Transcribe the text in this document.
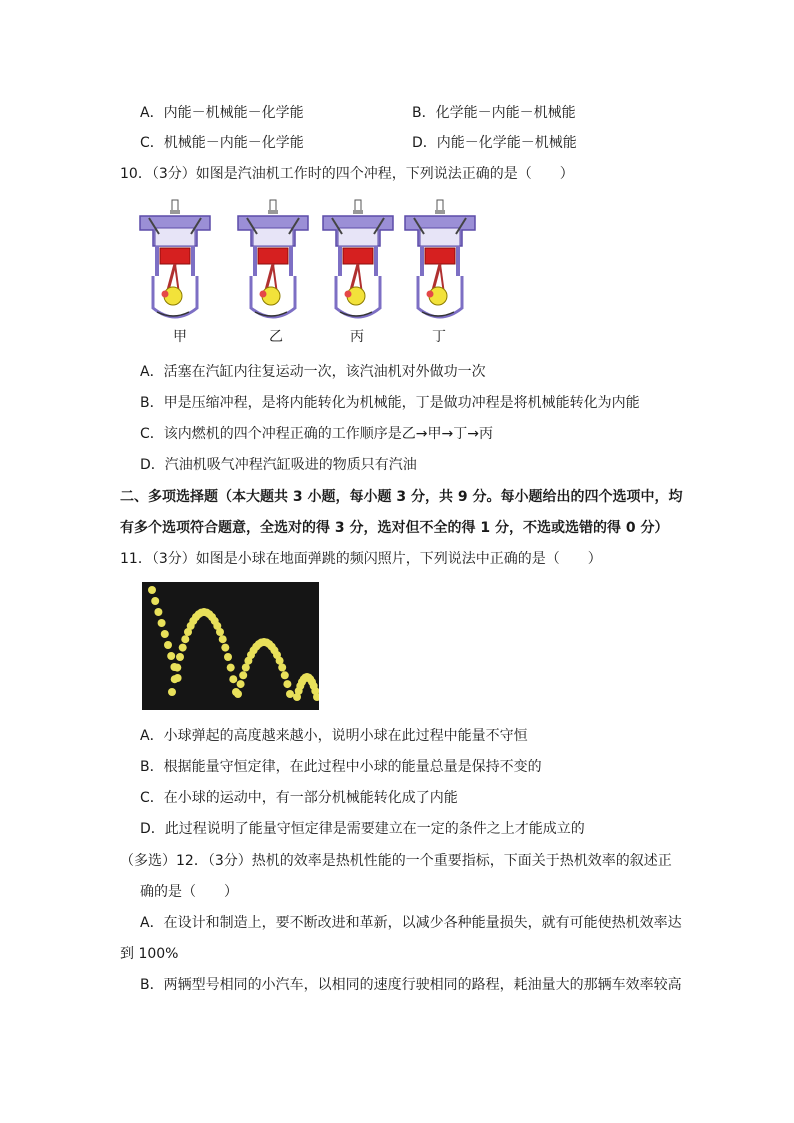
A．内能－机械能－化学能	B．化学能－内能－机械能
C．机械能－内能－化学能	D．内能－化学能－机械能
10．（3分）如图是汽油机工作时的四个冲程，下列说法正确的是（　　）
甲	乙	丙	丁
A．活塞在汽缸内往复运动一次，该汽油机对外做功一次
B．甲是压缩冲程，是将内能转化为机械能，丁是做功冲程是将机械能转化为内能
C．该内燃机的四个冲程正确的工作顺序是乙→甲→丁→丙
D．汽油机吸气冲程汽缸吸进的物质只有汽油
二、多项选择题（本大题共 3 小题，每小题 3 分，共 9 分。每小题给出的四个选项中，均
有多个选项符合题意，全选对的得 3 分，选对但不全的得 1 分，不选或选错的得 0 分）
11．（3分）如图是小球在地面弹跳的频闪照片，下列说法中正确的是（　　）
A．小球弹起的高度越来越小，说明小球在此过程中能量不守恒
B．根据能量守恒定律，在此过程中小球的能量总量是保持不变的
C．在小球的运动中，有一部分机械能转化成了内能
D．此过程说明了能量守恒定律是需要建立在一定的条件之上才能成立的
（多选）12．（3分）热机的效率是热机性能的一个重要指标，下面关于热机效率的叙述正
确的是（　　）
A．在设计和制造上，要不断改进和革新，以减少各种能量损失，就有可能使热机效率达
到 100%
B．两辆型号相同的小汽车，以相同的速度行驶相同的路程，耗油量大的那辆车效率较高
